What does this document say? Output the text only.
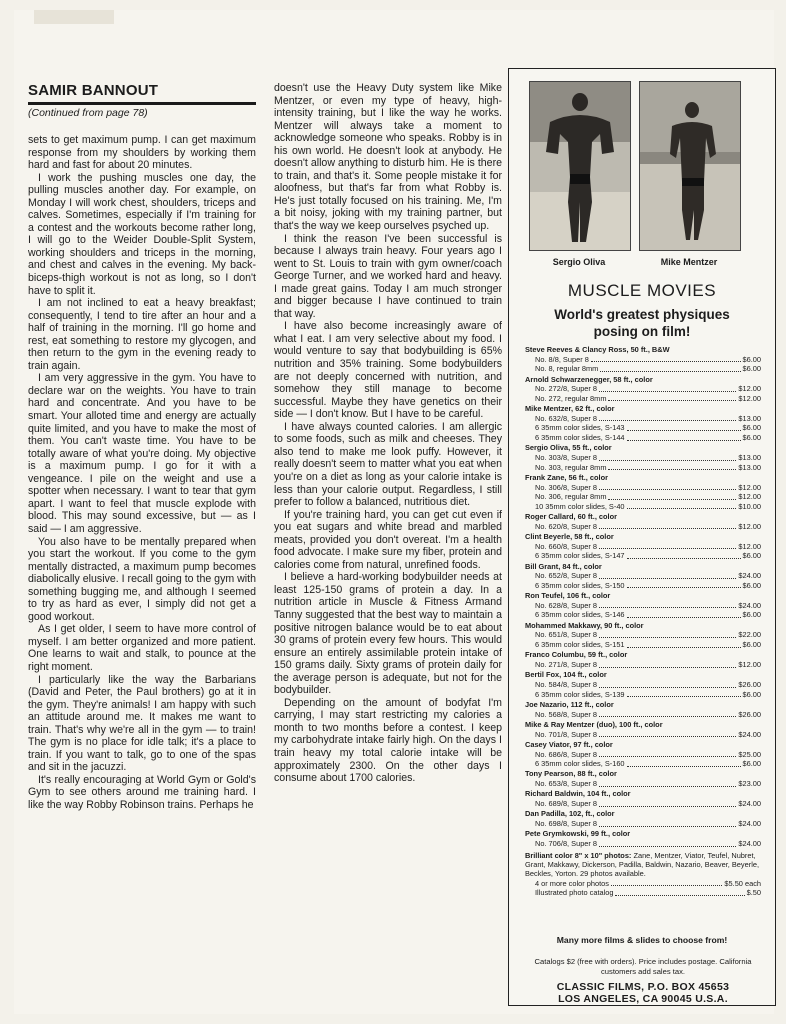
SAMIR BANNOUT
(Continued from page 78)

sets to get maximum pump. I can get maximum response from my shoulders by working them hard and fast for about 20 minutes.

I work the pushing muscles one day, the pulling muscles another day. For example, on Monday I will work chest, shoulders, triceps and calves. Sometimes, especially if I'm training for a contest and the workouts become rather long, I will go to the Weider Double-Split System, working shoulders and triceps in the morning, and chest and calves in the evening. My back-biceps-thigh workout is not as long, so I don't have to split it.

I am not inclined to eat a heavy breakfast; consequently, I tend to tire after an hour and a half of training in the morning. I'll go home and rest, eat something to restore my glycogen, and then return to the gym in the evening ready to train again.

I am very aggressive in the gym. You have to declare war on the weights. You have to train hard and concentrate. And you have to be smart. Your alloted time and energy are actually quite limited, and you have to make the most of them. You can't waste time. You have to be totally aware of what you're doing. My objective is a maximum pump. I go for it with a vengeance. I pile on the weight and use a spotter when necessary. I want to tear that gym apart. I want to feel that muscle explode with blood. This may sound excessive, but — as I said — I am aggressive.

You also have to be mentally prepared when you start the workout. If you come to the gym mentally distracted, a maximum pump becomes diabolically elusive. I recall going to the gym with something bugging me, and although I seemed to try as hard as ever, I simply did not get a good workout.

As I get older, I seem to have more control of myself. I am better organized and more patient. One learns to wait and stalk, to pounce at the right moment.

I particularly like the way the Barbarians (David and Peter, the Paul brothers) go at it in the gym. They're animals! I am happy with such an attitude around me. It makes me want to train. That's why we're all in the gym — to train! The gym is no place for idle talk; it's a place to train. If you want to talk, go to one of the spas and sit in the jacuzzi.

It's really encouraging at World Gym or Gold's Gym to see others around me training hard. I like the way Robby Robinson trains. Perhaps he

doesn't use the Heavy Duty system like Mike Mentzer, or even my type of heavy, high-intensity training, but I like the way he works. Mentzer will always take a moment to acknowledge someone who speaks. Robby is in his own world. He doesn't look at anybody. He doesn't allow anything to disturb him. He is there to train, and that's it. Some people mistake it for aloofness, but that's far from what Robby is. He's just totally focused on his training. Me, I'm a bit noisy, joking with my training partner, but that's the way we keep ourselves psyched up.

I think the reason I've been successful is because I always train heavy. Four years ago I went to St. Louis to train with gym owner/coach George Turner, and we worked hard and heavy. I made great gains. Today I am much stronger and bigger because I have continued to train that way.

I have also become increasingly aware of what I eat. I am very selective about my food. I would venture to say that bodybuilding is 65% nutrition and 35% training. Some bodybuilders are not deeply concerned with nutrition, and somehow they still manage to become successful. Maybe they have genetics on their side — I don't know. But I have to be careful.

I have always counted calories. I am allergic to some foods, such as milk and cheeses. They also tend to make me look puffy. However, it really doesn't seem to matter what you eat when you're on a diet as long as your calorie intake is less than your calorie output. Regardless, I still prefer to follow a balanced, nutritious diet.

If you're training hard, you can get cut even if you eat sugars and white bread and marbled meats, provided you don't overeat. I'm a health food advocate. I make sure my fiber, protein and calories come from natural, unrefined foods.

I believe a hard-working bodybuilder needs at least 125-150 grams of protein a day. In a nutrition article in Muscle & Fitness Armand Tanny suggested that the best way to maintain a positive nitrogen balance would be to eat about 30 grams of protein every few hours. This would ensure an entirely assimilable protein intake of 150 grams daily. Sixty grams of protein daily for the average person is adequate, but not for the bodybuilder.

Depending on the amount of bodyfat I'm carrying, I may start restricting my calories a month to two months before a contest. I keep my carbohydrate intake fairly high. On the days I train heavy my total calorie intake will be approximately 2300. On the other days I consume about 1700 calories.

Sergio Oliva	Mike Mentzer
MUSCLE MOVIES
World's greatest physiques
posing on film!
Steve Reeves & Clancy Ross, 50 ft., B&W
No. 8/8, Super 8	$6.00
No. 8, regular 8mm	$6.00
Arnold Schwarzenegger, 58 ft., color
No. 272/8, Super 8	$12.00
No. 272, regular 8mm	$12.00
Mike Mentzer, 62 ft., color
No. 632/8, Super 8	$13.00
6 35mm color slides, S-143	$6.00
6 35mm color slides, S-144	$6.00
Sergio Oliva, 55 ft., color
No. 303/8, Super 8	$13.00
No. 303, regular 8mm	$13.00
Frank Zane, 56 ft., color
No. 306/8, Super 8	$12.00
No. 306, regular 8mm	$12.00
10 35mm color slides, S-40	$10.00
Roger Callard, 60 ft., color
No. 620/8, Super 8	$12.00
Clint Beyerle, 58 ft., color
No. 660/8, Super 8	$12.00
6 35mm color slides, S-147	$6.00
Bill Grant, 84 ft., color
No. 652/8, Super 8	$24.00
6 35mm color slides, S-150	$6.00
Ron Teufel, 106 ft., color
No. 628/8, Super 8	$24.00
6 35mm color slides, S-146	$6.00
Mohammed Makkawy, 90 ft., color
No. 651/8, Super 8	$22.00
6 35mm color slides, S-151	$6.00
Franco Columbu, 59 ft., color
No. 271/8, Super 8	$12.00
Bertil Fox, 104 ft., color
No. 584/8, Super 8	$26.00
6 35mm color slides, S-139	$6.00
Joe Nazario, 112 ft., color
No. 568/8, Super 8	$26.00
Mike & Ray Mentzer (duo), 100 ft., color
No. 701/8, Super 8	$24.00
Casey Viator, 97 ft., color
No. 686/8, Super 8	$25.00
6 35mm color slides, S-160	$6.00
Tony Pearson, 88 ft., color
No. 653/8, Super 8	$23.00
Richard Baldwin, 104 ft., color
No. 689/8, Super 8	$24.00
Dan Padilla, 102, ft., color
No. 698/8, Super 8	$24.00
Pete Grymkowski, 99 ft., color
No. 706/8, Super 8	$24.00
Brilliant color 8" x 10" photos: Zane, Mentzer, Viator, Teufel, Nubret, Grant, Makkawy, Dickerson, Padilla, Baldwin, Nazario, Beaver, Beyerle, Beckles, Yorton. 29 photos available.
4 or more color photos	$5.50 each
Illustrated photo catalog	$.50
Many more films & slides to choose from!
Catalogs $2 (free with orders). Price includes postage. California customers add sales tax.
CLASSIC FILMS, P.O. BOX 45653
LOS ANGELES, CA 90045 U.S.A.
